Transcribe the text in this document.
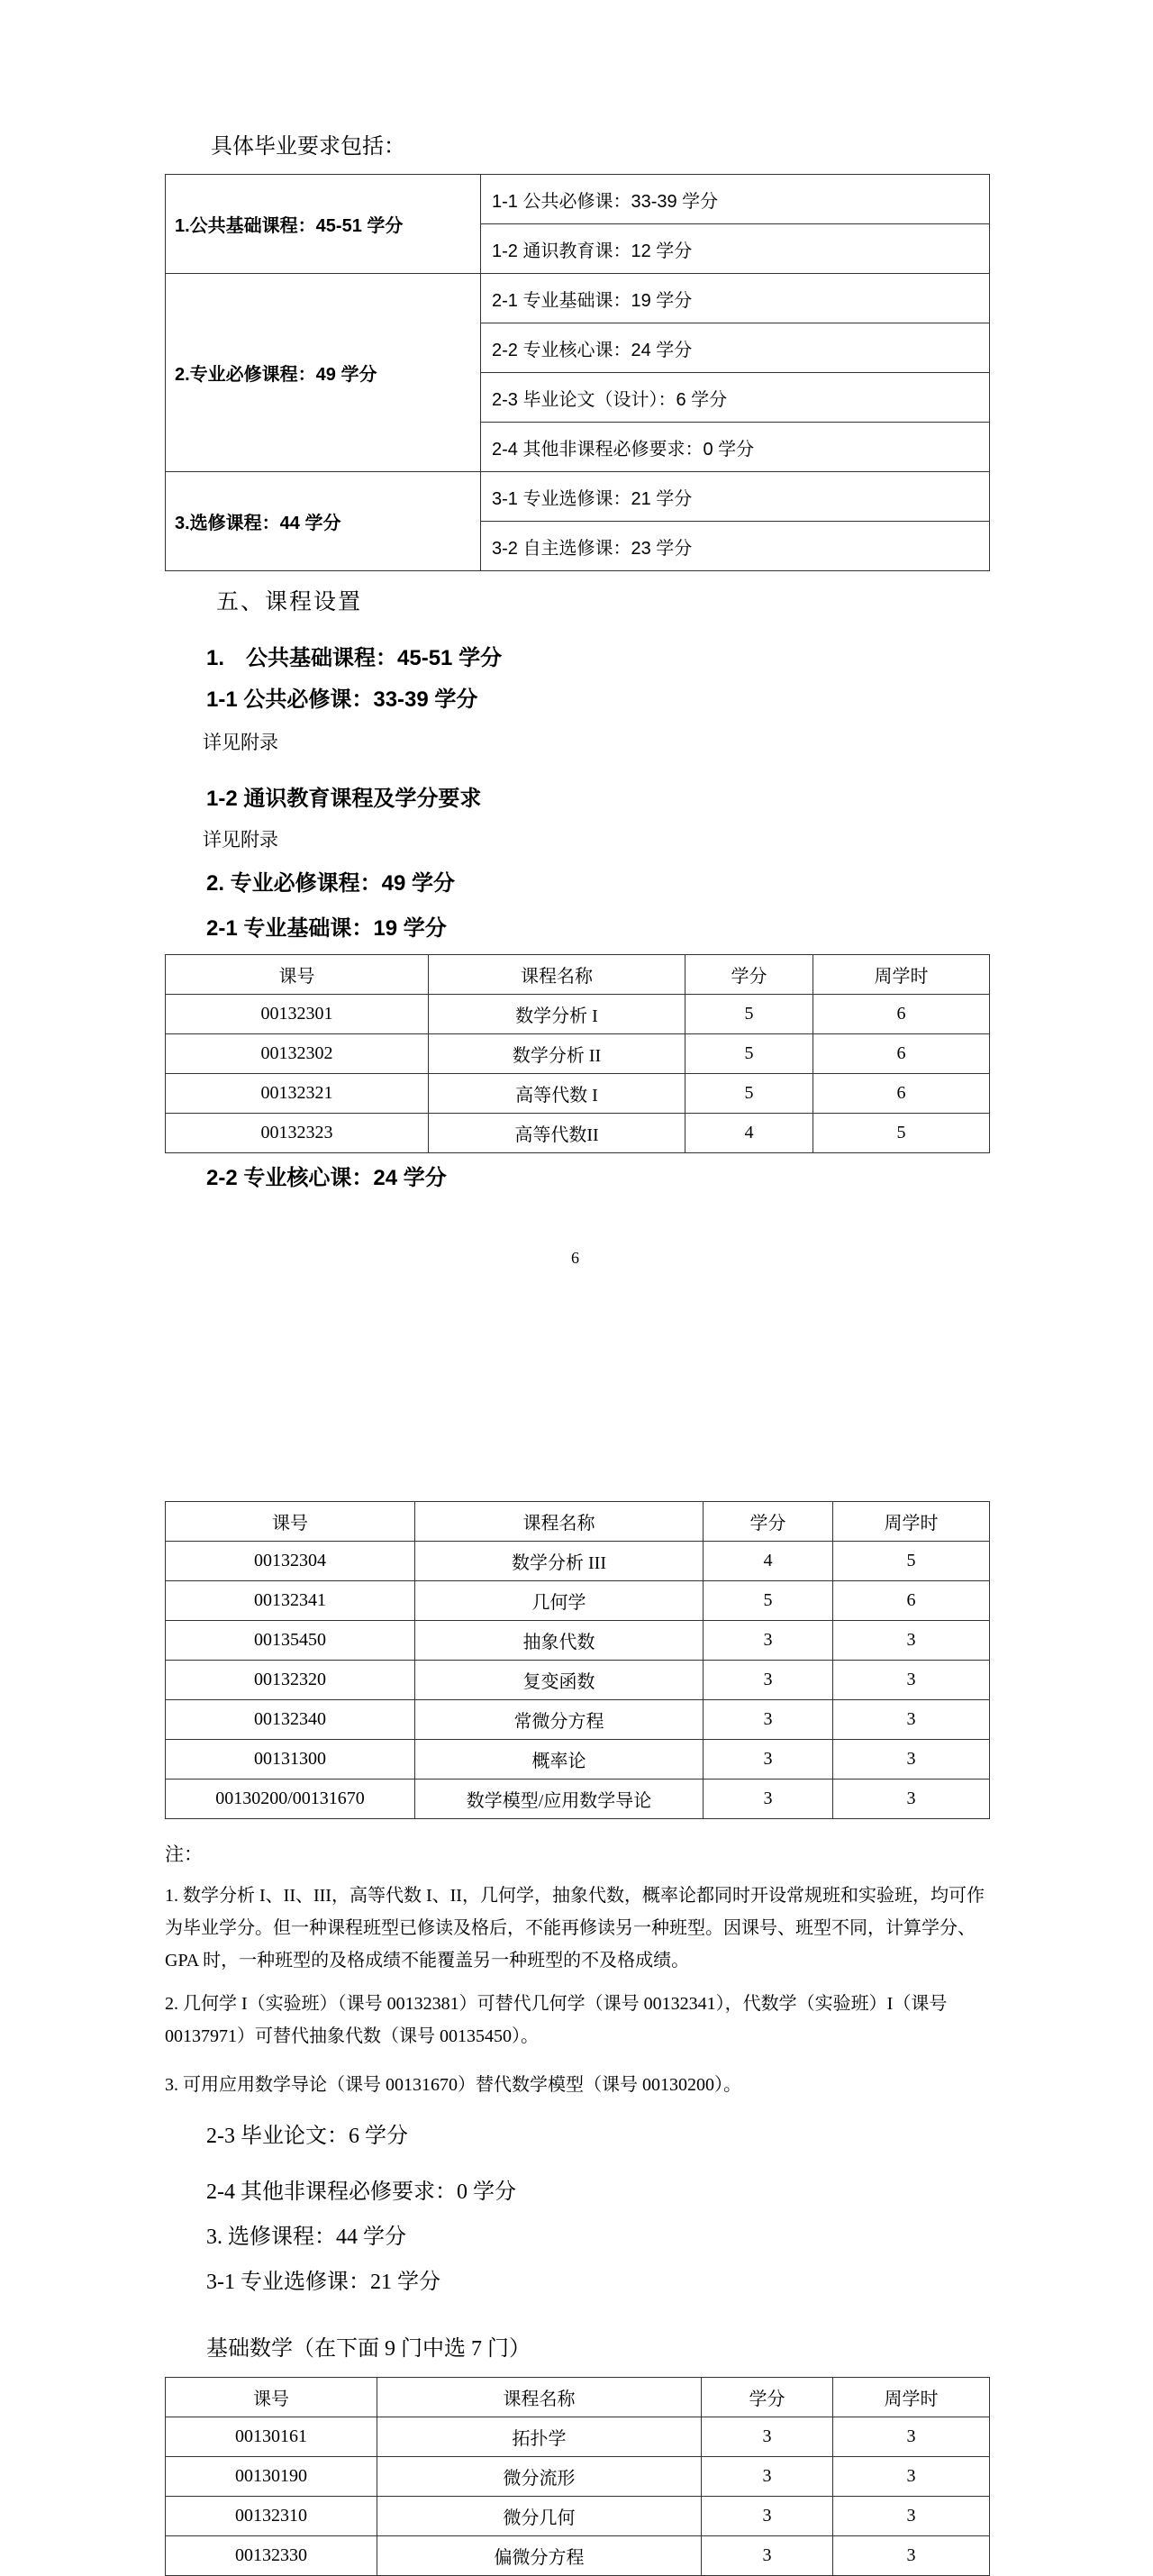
具体毕业要求包括：
1.公共基础课程：45-51 学分	1-1 公共必修课：33-39 学分
	1-2 通识教育课：12 学分
2.专业必修课程：49 学分	2-1 专业基础课：19 学分
	2-2 专业核心课：24 学分
	2-3 毕业论文（设计）：6 学分
	2-4 其他非课程必修要求：0 学分
3.选修课程：44 学分	3-1 专业选修课：21 学分
	3-2 自主选修课：23 学分
五、课程设置
1.　公共基础课程：45-51 学分
1-1 公共必修课：33-39 学分
详见附录
1-2 通识教育课程及学分要求
详见附录
2. 专业必修课程：49 学分
2-1 专业基础课：19 学分
课号	课程名称	学分	周学时
00132301	数学分析 I	5	6
00132302	数学分析 II	5	6
00132321	高等代数 I	5	6
00132323	高等代数II	4	5
2-2 专业核心课：24 学分
6
课号	课程名称	学分	周学时
00132304	数学分析 III	4	5
00132341	几何学	5	6
00135450	抽象代数	3	3
00132320	复变函数	3	3
00132340	常微分方程	3	3
00131300	概率论	3	3
00130200/00131670	数学模型/应用数学导论	3	3
注：
1. 数学分析 I、II、III，高等代数 I、II，几何学，抽象代数，概率论都同时开设常规班和实验班，均可作为毕业学分。但一种课程班型已修读及格后，不能再修读另一种班型。因课号、班型不同，计算学分、GPA 时，一种班型的及格成绩不能覆盖另一种班型的不及格成绩。
2. 几何学 I（实验班）（课号 00132381）可替代几何学（课号 00132341），代数学（实验班）I（课号 00137971）可替代抽象代数（课号 00135450）。
3. 可用应用数学导论（课号 00131670）替代数学模型（课号 00130200）。
2-3 毕业论文：6 学分
2-4 其他非课程必修要求：0 学分
3. 选修课程：44 学分
3-1 专业选修课：21 学分
基础数学（在下面 9 门中选 7 门）
课号	课程名称	学分	周学时
00130161	拓扑学	3	3
00130190	微分流形	3	3
00132310	微分几何	3	3
00132330	偏微分方程	3	3
